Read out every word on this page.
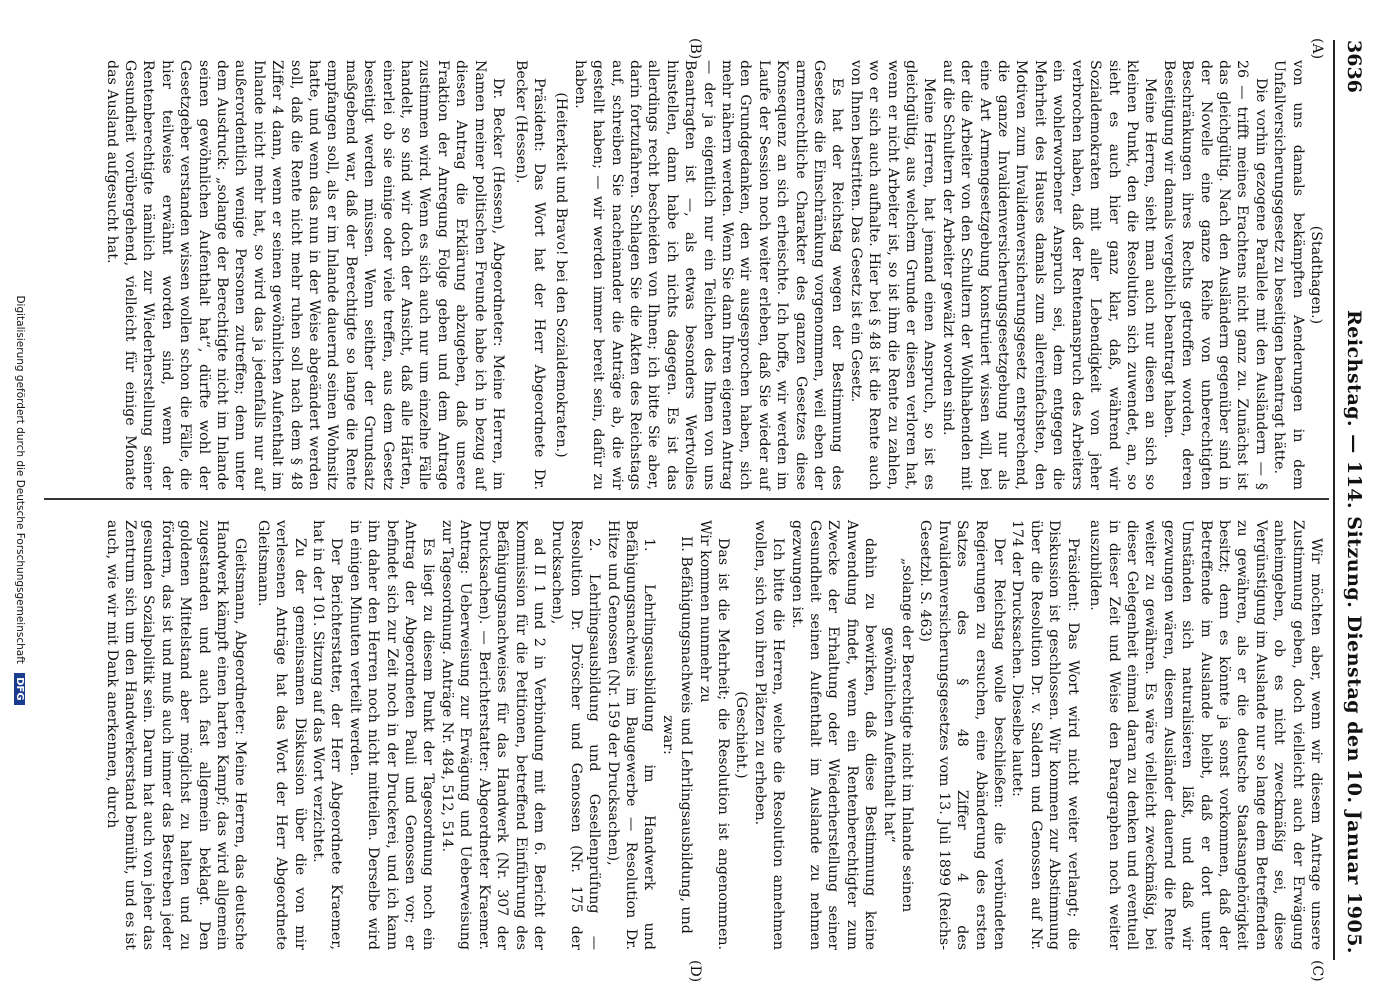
3636
Reichstag. — 114. Sitzung. Dienstag den 10. Januar 1905.
(A)
(B)
(C)
(D)

(Stadthagen.)

von uns damals bekämpften Aenderungen in dem Unfallversicherungsgesetz zu beseitigen beantragt hätte.

Die vorhin gezogene Parallele mit den Ausländern — § 26 — trifft meines Erachtens nicht ganz zu. Zunächst ist das gleichgültig. Nach den Ausländern gegenüber sind in der Novelle eine ganze Reihe von unberechtigten Beschränkungen ihres Rechts getroffen worden, deren Beseitigung wir damals vergeblich beantragt haben.

Meine Herren, sieht man auch nur diesen an sich so kleinen Punkt, den die Resolution sich zuwendet, an, so sieht es auch hier ganz klar, daß, während wir Sozialdemokraten mit aller Lebendigkeit von jeher verbrochen haben, daß der Rentenanspruch des Arbeiters ein wohlerworbener Anspruch sei, dem entgegen die Mehrheit des Hauses damals zum allereinfachsten, den Motiven zum Invalidenversicherungsgesetz entsprechend, die ganze Invalidenversicherungsgesetzgebung nur als eine Art Armengesetzgebung konstruiert wissen will, bei der die Arbeiter von den Schultern der Wohlhabenden mit auf die Schultern der Arbeiter gewälzt worden sind.

Meine Herren, hat jemand einen Anspruch, so ist es gleichgültig, aus welchem Grunde er diesen verloren hat, wenn er nicht Arbeiter ist, so ist ihm die Rente zu zahlen, wo er sich auch aufhalte. Hier bei § 48 ist die Rente auch von Ihnen bestritten. Das Gesetz ist ein Gesetz.

Es hat der Reichstag wegen der Bestimmung des Gesetzes die Einschränkung vorgenommen, weil eben der armenrechtliche Charakter des ganzen Gesetzes diese Konsequenz an sich erheischte. Ich hoffe, wir werden im Laufe der Session noch weiter erleben, daß Sie wieder auf den Grundgedanken, den wir ausgesprochen haben, sich mehr nähern werden. Wenn Sie dann Ihren eigenen Antrag — der ja eigentlich nur ein Teilchen des Ihnen von uns Beantragten ist —, als etwas besonders Wertvolles hinstellen, dann habe ich nichts dagegen. Es ist das allerdings recht bescheiden von Ihnen; ich bitte Sie aber, darin fortzufahren. Schlagen Sie die Akten des Reichstags auf, schreiben Sie nacheinander die Anträge ab, die wir gestellt haben; — wir werden immer bereit sein, dafür zu haben.

(Heiterkeit und Bravo! bei den Sozialdemokraten.)

Präsident: Das Wort hat der Herr Abgeordnete Dr. Becker (Hessen).

Dr. Becker (Hessen), Abgeordneter: Meine Herren, im Namen meiner politischen Freunde habe ich in bezug auf diesen Antrag die Erklärung abzugeben, daß unsere Fraktion der Anregung Folge geben und dem Antrage zustimmen wird. Wenn es sich auch nur um einzelne Fälle handelt, so sind wir doch der Ansicht, daß alle Härten, einerlei ob sie einige oder viele treffen, aus dem Gesetz beseitigt werden müssen. Wenn seither der Grundsatz maßgebend war, daß der Berechtigte so lange die Rente empfangen soll, als er im Inlande dauernd seinen Wohnsitz hatte, und wenn das nun in der Weise abgeändert werden soll, daß die Rente nicht mehr ruhen soll nach dem § 48 Ziffer 4 dann, wenn er seinen gewöhnlichen Aufenthalt im Inlande nicht mehr hat, so wird das ja jedenfalls nur auf außerordentlich wenige Personen zutreffen; denn unter dem Ausdruck: „solange der Berechtigte nicht im Inlande seinen gewöhnlichen Aufenthalt hat“, dürfte wohl der Gesetzgeber verstanden wissen wollen schon die Fälle, die hier teilweise erwähnt worden sind, wenn der Rentenberechtigte nämlich zur Wiederherstellung seiner Gesundheit vorübergehend, vielleicht für einige Monate das Ausland aufgesucht hat.

Wir möchten aber, wenn wir diesem Antrage unsere Zustimmung geben, doch vielleicht auch der Erwägung anheimgeben, ob es nicht zweckmäßig sei, diese Vergünstigung im Auslande nur so lange dem Betreffenden zu gewähren, als er die deutsche Staatsangehörigkeit besitzt; denn es könnte ja sonst vorkommen, daß der Betreffende im Auslande bleibt, daß er dort unter Umständen sich naturalisieren läßt, und daß wir gezwungen wären, diesem Ausländer dauernd die Rente weiter zu gewähren. Es wäre vielleicht zweckmäßig, bei dieser Gelegenheit einmal daran zu denken und eventuell in dieser Zeit und Weise den Paragraphen noch weiter auszubilden.

Präsident: Das Wort wird nicht weiter verlangt; die Diskussion ist geschlossen. Wir kommen zur Abstimmung über die Resolution Dr. v. Saldern und Genossen auf Nr. 174 der Drucksachen. Dieselbe lautet:

Der Reichstag wolle beschließen: die verbündeten Regierungen zu ersuchen, eine Abänderung des ersten Satzes des § 48 Ziffer 4 des Invalidenversicherungsgesetzes vom 13. Juli 1899 (Reichs-Gesetzbl. S. 463)

„solange der Berechtigte nicht im Inlande seinen gewöhnlichen Aufenthalt hat“

dahin zu bewirken, daß diese Bestimmung keine Anwendung findet, wenn ein Rentenberechtigter zum Zwecke der Erhaltung oder Wiederherstellung seiner Gesundheit seinen Aufenthalt im Auslande zu nehmen gezwungen ist.

Ich bitte die Herren, welche die Resolution annehmen wollen, sich von ihren Plätzen zu erheben.

(Geschieht.)

Das ist die Mehrheit; die Resolution ist angenommen. Wir kommen nunmehr zu

II. Befähigungsnachweis und Lehrlingsausbildung, und zwar:

1. Lehrlingsausbildung im Handwerk und Befähigungsnachweis im Baugewerbe — Resolution Dr. Hitze und Genossen (Nr. 159 der Drucksachen),

2. Lehrlingsausbildung und Gesellenprüfung — Resolution Dr. Dröscher und Genossen (Nr. 175 der Drucksachen),

ad II 1 und 2 in Verbindung mit dem 6. Bericht der Kommission für die Petitionen, betreffend Einführung des Befähigungsnachweises für das Handwerk (Nr. 307 der Drucksachen). — Berichterstatter: Abgeordneter Kraemer. Antrag: Ueberweisung zur Erwägung und Ueberweisung zur Tagesordnung. Anträge Nr. 484, 512, 514.

Es liegt zu diesem Punkt der Tagesordnung noch ein Antrag der Abgeordneten Pauli und Genossen vor; er befindet sich zur Zeit noch in der Druckerei, und ich kann ihn daher den Herren noch nicht mitteilen. Derselbe wird in einigen Minuten verteilt werden.

Der Berichterstatter, der Herr Abgeordnete Kraemer, hat in der 101. Sitzung auf das Wort verzichtet.

Zu der gemeinsamen Diskussion über die von mir verlesenen Anträge hat das Wort der Herr Abgeordnete Gleitsmann.

Gleitsmann, Abgeordneter: Meine Herren, das deutsche Handwerk kämpft einen harten Kampf; das wird allgemein zugestanden und auch fast allgemein beklagt. Den goldenen Mittelstand aber möglichst zu halten und zu fördern, das ist und muß auch immer das Bestreben jeder gesunden Sozialpolitik sein. Darum hat auch von jeher das Zentrum sich um den Handwerkerstand bemüht, und es ist auch, wie wir mit Dank anerkennen, durch

Digitalisierung gefördert durch die Deutsche Forschungsgemeinschaft DFG
